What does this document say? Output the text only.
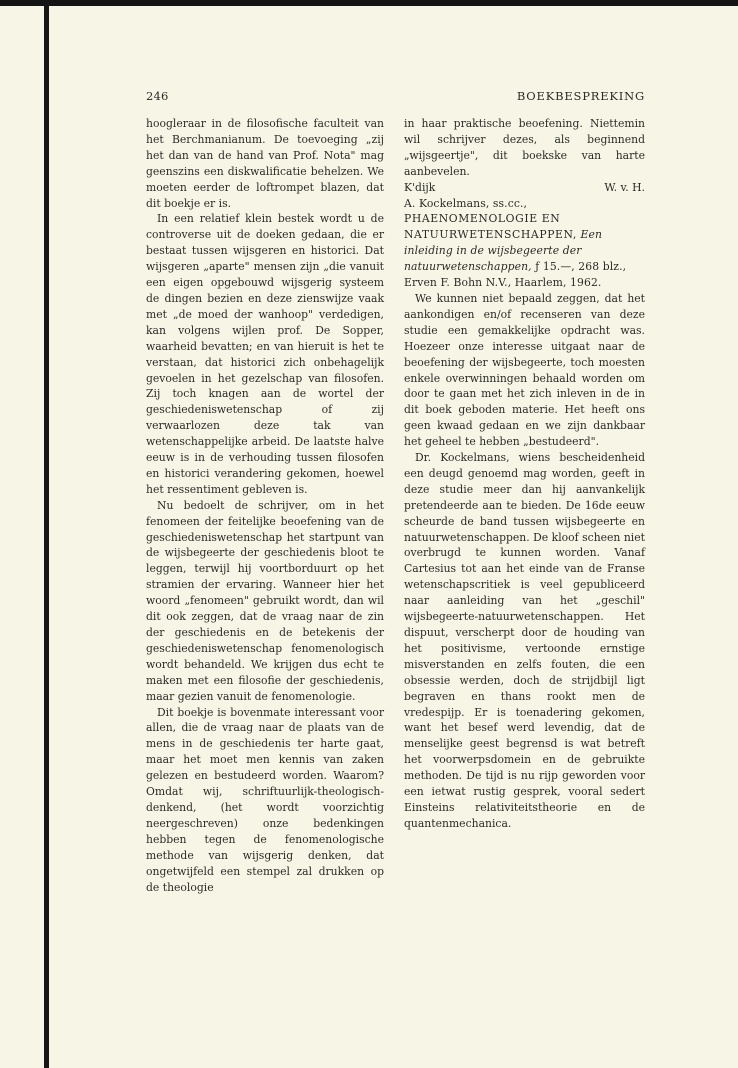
246	BOEKBESPREKING

hoogleraar in de filosofische faculteit van het Berchmanianum. De toevoeging „zij het dan van de hand van Prof. Nota" mag geenszins een diskwalificatie behelzen. We moeten eerder de loftrompet blazen, dat dit boekje er is.

In een relatief klein bestek wordt u de controverse uit de doeken gedaan, die er bestaat tussen wijsgeren en historici. Dat wijsgeren „aparte" mensen zijn „die vanuit een eigen opgebouwd wijsgerig systeem de dingen bezien en deze zienswijze vaak met „de moed der wanhoop" verdedigen, kan volgens wijlen prof. De Sopper, waarheid bevatten; en van hieruit is het te verstaan, dat historici zich onbehagelijk gevoelen in het gezelschap van filosofen. Zij toch knagen aan de wortel der geschiedeniswetenschap of zij verwaarlozen deze tak van wetenschappelijke arbeid. De laatste halve eeuw is in de verhouding tussen filosofen en historici verandering gekomen, hoewel het ressentiment gebleven is.

Nu bedoelt de schrijver, om in het fenomeen der feitelijke beoefening van de geschiedeniswetenschap het startpunt van de wijsbegeerte der geschiedenis bloot te leggen, terwijl hij voortborduurt op het stramien der ervaring. Wanneer hier het woord „fenomeen" gebruikt wordt, dan wil dit ook zeggen, dat de vraag naar de zin der geschiedenis en de betekenis der geschiedeniswetenschap fenomenologisch wordt behandeld. We krijgen dus echt te maken met een filosofie der geschiedenis, maar gezien vanuit de fenomenologie.

Dit boekje is bovenmate interessant voor allen, die de vraag naar de plaats van de mens in de geschiedenis ter harte gaat, maar het moet men kennis van zaken gelezen en bestudeerd worden. Waarom? Omdat wij, schriftuurlijk-theologisch-denkend, (het wordt voorzichtig neergeschreven) onze bedenkingen hebben tegen de fenomenologische methode van wijsgerig denken, dat ongetwijfeld een stempel zal drukken op de theologie

in haar praktische beoefening. Niettemin wil schrijver dezes, als beginnend „wijsgeertje", dit boekske van harte aanbevelen.

K'dijk	W. v. H.

A. Kockelmans, ss.cc., PHAENOMENOLOGIE EN NATUURWETENSCHAPPEN, Een inleiding in de wijsbegeerte der natuurwetenschappen, ƒ 15.—, 268 blz., Erven F. Bohn N.V., Haarlem, 1962.

We kunnen niet bepaald zeggen, dat het aankondigen en/of recenseren van deze studie een gemakkelijke opdracht was. Hoezeer onze interesse uitgaat naar de beoefening der wijsbegeerte, toch moesten enkele overwinningen behaald worden om door te gaan met het zich inleven in de in dit boek geboden materie. Het heeft ons geen kwaad gedaan en we zijn dankbaar het geheel te hebben „bestudeerd".

Dr. Kockelmans, wiens bescheidenheid een deugd genoemd mag worden, geeft in deze studie meer dan hij aanvankelijk pretendeerde aan te bieden. De 16de eeuw scheurde de band tussen wijsbegeerte en natuurwetenschappen. De kloof scheen niet overbrugd te kunnen worden. Vanaf Cartesius tot aan het einde van de Franse wetenschapscritiek is veel gepubliceerd naar aanleiding van het „geschil" wijsbegeerte-natuurwetenschappen. Het dispuut, verscherpt door de houding van het positivisme, vertoonde ernstige misverstanden en zelfs fouten, die een obsessie werden, doch de strijdbijl ligt begraven en thans rookt men de vredespijp. Er is toenadering gekomen, want het besef werd levendig, dat de menselijke geest begrensd is wat betreft het voorwerpsdomein en de gebruikte methoden. De tijd is nu rijp geworden voor een ietwat rustig gesprek, vooral sedert Einsteins relativiteitstheorie en de quantenmechanica.
